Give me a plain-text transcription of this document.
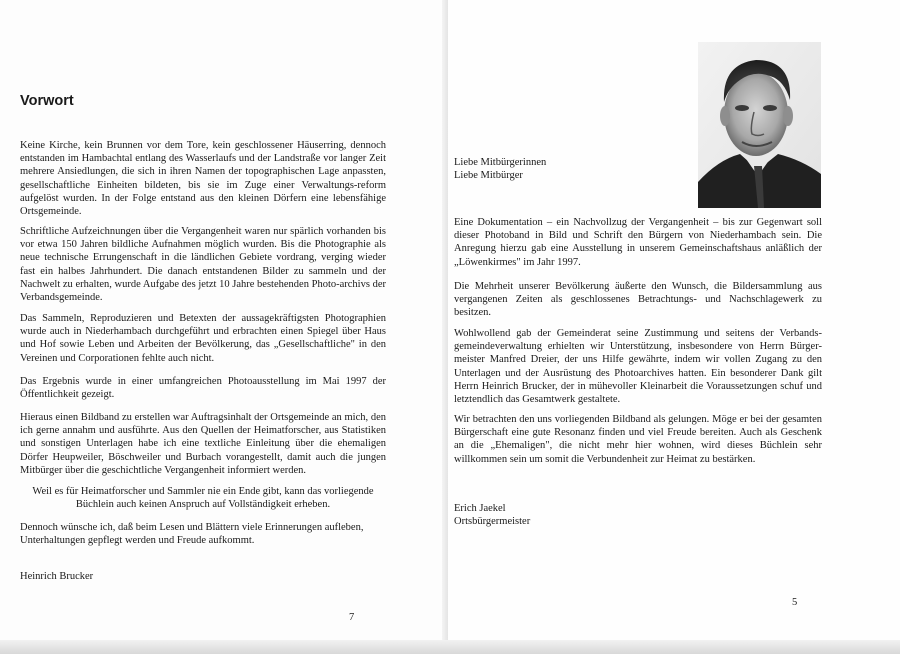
Vorwort

Keine Kirche, kein Brunnen vor dem Tore, kein geschlossener Häuserring, dennoch entstanden im Hambachtal entlang des Wasserlaufs und der Landstraße vor langer Zeit mehrere Ansiedlungen, die sich in ihren Namen der topographischen Lage anpassten, gesellschaftliche Einheiten bildeten, bis sie im Zuge einer Verwaltungs-reform aufgelöst wurden. In der Folge entstand aus den kleinen Dörfern eine lebensfähige Ortsgemeinde.

Schriftliche Aufzeichnungen über die Vergangenheit waren nur spärlich vorhanden bis vor etwa 150 Jahren bildliche Aufnahmen möglich wurden. Bis die Photographie als neue technische Errungenschaft in die ländlichen Gebiete vordrang, verging wieder fast ein halbes Jahrhundert. Die danach entstandenen Bilder zu sammeln und der Nachwelt zu erhalten, wurde Aufgabe des jetzt 10 Jahre bestehenden Photo-archivs der Verbandsgemeinde.

Das Sammeln, Reproduzieren und Betexten der aussagekräftigsten Photographien wurde auch in Niederhambach durchgeführt und erbrachten einen Spiegel über Haus und Hof sowie Leben und Arbeiten der Bevölkerung, das „Gesellschaftliche" in den Vereinen und Corporationen fehlte auch nicht.

Das Ergebnis wurde in einer umfangreichen Photoausstellung im Mai 1997 der Öffentlichkeit gezeigt.

Hieraus einen Bildband zu erstellen war Auftragsinhalt der Ortsgemeinde an mich, den ich gerne annahm und ausführte. Aus den Quellen der Heimatforscher, aus Statistiken und sonstigen Unterlagen habe ich eine textliche Einleitung über die ehemaligen Dörfer Heupweiler, Böschweiler und Burbach vorangestellt, damit auch die jungen Mitbürger über die geschichtliche Vergangenheit informiert werden.

Weil es für Heimatforscher und Sammler nie ein Ende gibt, kann das vorliegende Büchlein auch keinen Anspruch auf Vollständigkeit erheben.

Dennoch wünsche ich, daß beim Lesen und Blättern viele Erinnerungen aufleben, Unterhaltungen gepflegt werden und Freude aufkommt.

Heinrich Brucker

7

Liebe Mitbürgerinnen

Liebe Mitbürger

Eine Dokumentation – ein Nachvollzug der Vergangenheit – bis zur Gegenwart soll dieser Photoband in Bild und Schrift den Bürgern von Niederhambach sein. Die Anregung hierzu gab eine Ausstellung in unserem Gemeinschaftshaus anläßlich der „Löwenkirmes" im Jahr 1997.

Die Mehrheit unserer Bevölkerung äußerte den Wunsch, die Bildersammlung aus vergangenen Zeiten als geschlossenes Betrachtungs- und Nachschlagewerk zu besitzen.

Wohlwollend gab der Gemeinderat seine Zustimmung und seitens der Verbands-gemeindeverwaltung erhielten wir Unterstützung, insbesondere von Herrn Bürger-meister Manfred Dreier, der uns Hilfe gewährte, indem wir vollen Zugang zu den Unterlagen und der Ausrüstung des Photoarchives hatten. Ein besonderer Dank gilt Herrn Heinrich Brucker, der in mühevoller Kleinarbeit die Voraussetzungen schuf und letztendlich das Gesamtwerk gestaltete.

Wir betrachten den uns vorliegenden Bildband als gelungen. Möge er bei der gesamten Bürgerschaft eine gute Resonanz finden und viel Freude bereiten. Auch als Geschenk an die „Ehemaligen", die nicht mehr hier wohnen, wird dieses Büchlein sehr willkommen sein um somit die Verbundenheit zur Heimat zu bestärken.

Erich Jaekel

Ortsbürgermeister

5
